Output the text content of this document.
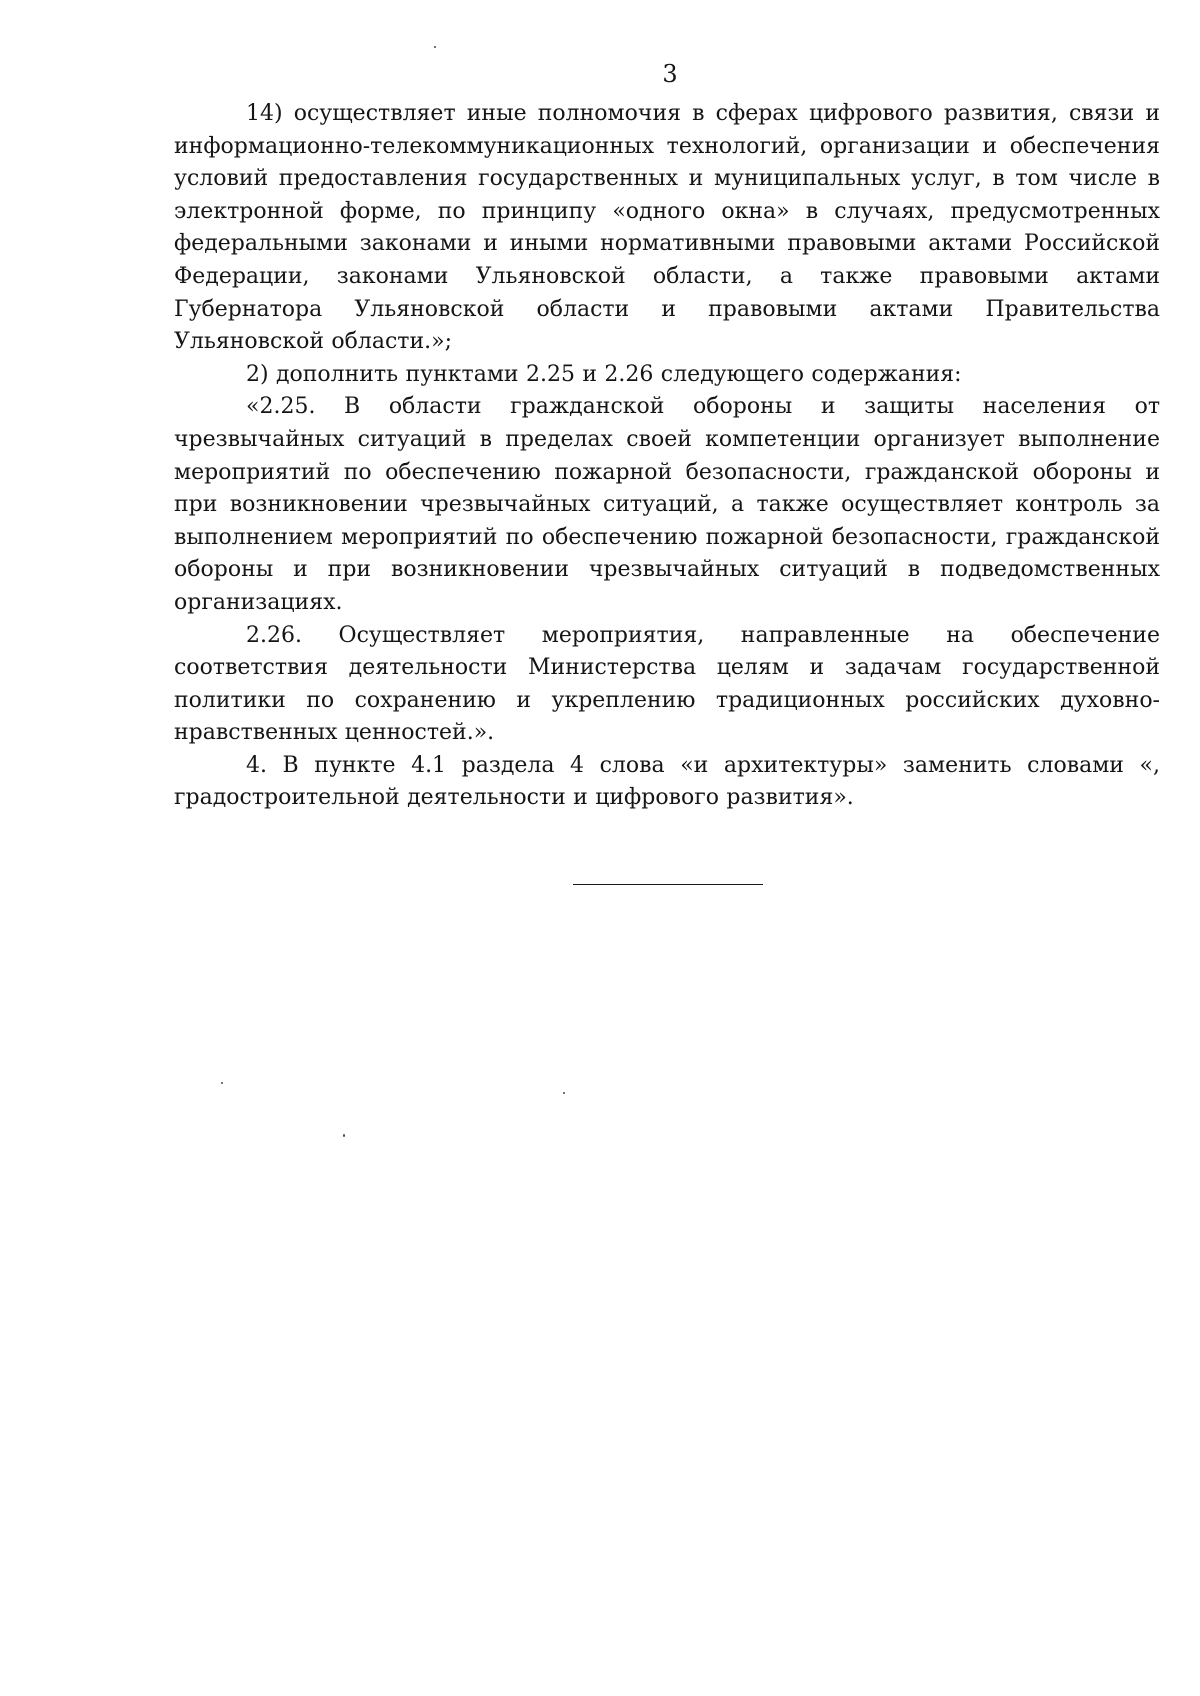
3

14) осуществляет иные полномочия в сферах цифрового развития, связи и информационно-телекоммуникационных технологий, организации и обеспечения условий предоставления государственных и муниципальных услуг, в том числе в электронной форме, по принципу «одного окна» в случаях, предусмотренных федеральными законами и иными нормативными правовыми актами Российской Федерации, законами Ульяновской области, а также правовыми актами Губернатора Ульяновской области и правовыми актами Правительства Ульяновской области.»;

2) дополнить пунктами 2.25 и 2.26 следующего содержания:

«2.25. В области гражданской обороны и защиты населения от чрезвычайных ситуаций в пределах своей компетенции организует выполнение мероприятий по обеспечению пожарной безопасности, гражданской обороны и при возникновении чрезвычайных ситуаций, а также осуществляет контроль за выполнением мероприятий по обеспечению пожарной безопасности, гражданской обороны и при возникновении чрезвычайных ситуаций в подведомственных организациях.

2.26. Осуществляет мероприятия, направленные на обеспечение соответствия деятельности Министерства целям и задачам государственной политики по сохранению и укреплению традиционных российских духовно-нравственных ценностей.».

4. В пункте 4.1 раздела 4 слова «и архитектуры» заменить словами «, градостроительной деятельности и цифрового развития».
